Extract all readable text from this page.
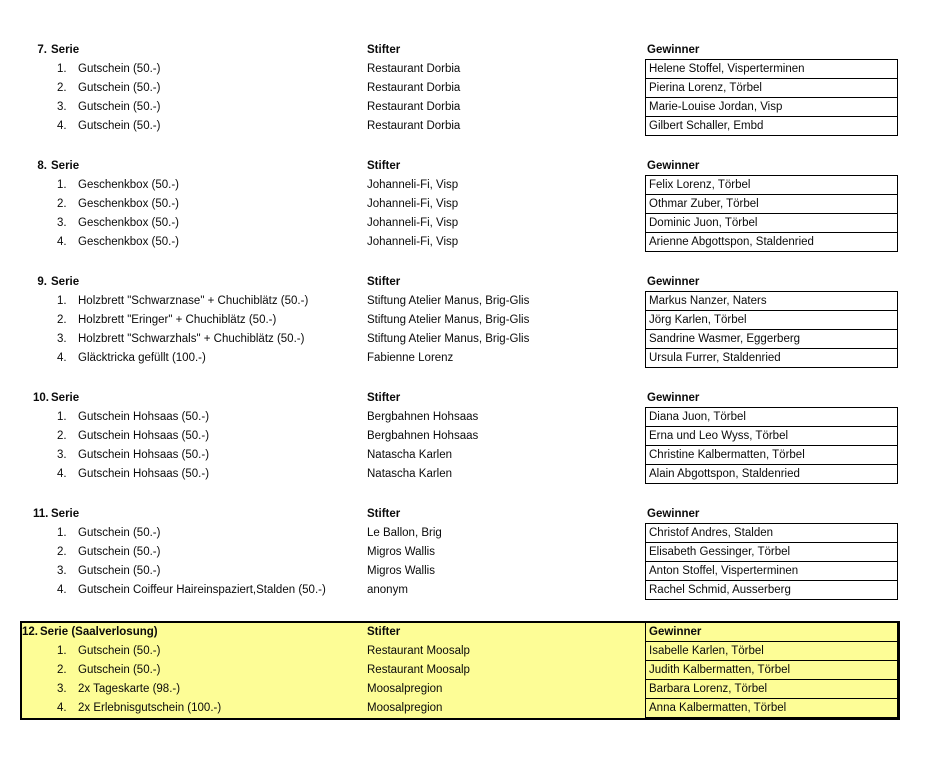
7. Serie	Stifter	Gewinner
1. Gutschein (50.-)	Restaurant Dorbia	Helene Stoffel, Visperterminen
2. Gutschein (50.-)	Restaurant Dorbia	Pierina Lorenz, Törbel
3. Gutschein (50.-)	Restaurant Dorbia	Marie-Louise Jordan, Visp
4. Gutschein (50.-)	Restaurant Dorbia	Gilbert Schaller, Embd
8. Serie	Stifter	Gewinner
1. Geschenkbox (50.-)	Johanneli-Fi, Visp	Felix Lorenz, Törbel
2. Geschenkbox (50.-)	Johanneli-Fi, Visp	Othmar Zuber, Törbel
3. Geschenkbox (50.-)	Johanneli-Fi, Visp	Dominic Juon, Törbel
4. Geschenkbox (50.-)	Johanneli-Fi, Visp	Arienne Abgottspon, Staldenried
9. Serie	Stifter	Gewinner
1. Holzbrett "Schwarznase" + Chuchiblätz (50.-)	Stiftung Atelier Manus, Brig-Glis	Markus Nanzer, Naters
2. Holzbrett "Eringer" + Chuchiblätz (50.-)	Stiftung Atelier Manus, Brig-Glis	Jörg Karlen, Törbel
3. Holzbrett "Schwarzhals" + Chuchiblätz (50.-)	Stiftung Atelier Manus, Brig-Glis	Sandrine Wasmer, Eggerberg
4. Gläcktricka gefüllt (100.-)	Fabienne Lorenz	Ursula Furrer, Staldenried
10. Serie	Stifter	Gewinner
1. Gutschein Hohsaas (50.-)	Bergbahnen Hohsaas	Diana Juon, Törbel
2. Gutschein Hohsaas (50.-)	Bergbahnen Hohsaas	Erna und Leo Wyss, Törbel
3. Gutschein Hohsaas (50.-)	Natascha Karlen	Christine Kalbermatten, Törbel
4. Gutschein Hohsaas (50.-)	Natascha Karlen	Alain Abgottspon, Staldenried
11. Serie	Stifter	Gewinner
1. Gutschein (50.-)	Le Ballon, Brig	Christof Andres, Stalden
2. Gutschein (50.-)	Migros Wallis	Elisabeth Gessinger, Törbel
3. Gutschein (50.-)	Migros Wallis	Anton Stoffel, Visperterminen
4. Gutschein Coiffeur Haireinspaziert,Stalden (50.-)	anonym	Rachel Schmid, Ausserberg
12. Serie (Saalverlosung)	Stifter	Gewinner
1. Gutschein (50.-)	Restaurant Moosalp	Isabelle Karlen, Törbel
2. Gutschein (50.-)	Restaurant Moosalp	Judith Kalbermatten, Törbel
3. 2x Tageskarte (98.-)	Moosalpregion	Barbara Lorenz, Törbel
4. 2x Erlebnisgutschein (100.-)	Moosalpregion	Anna Kalbermatten, Törbel
